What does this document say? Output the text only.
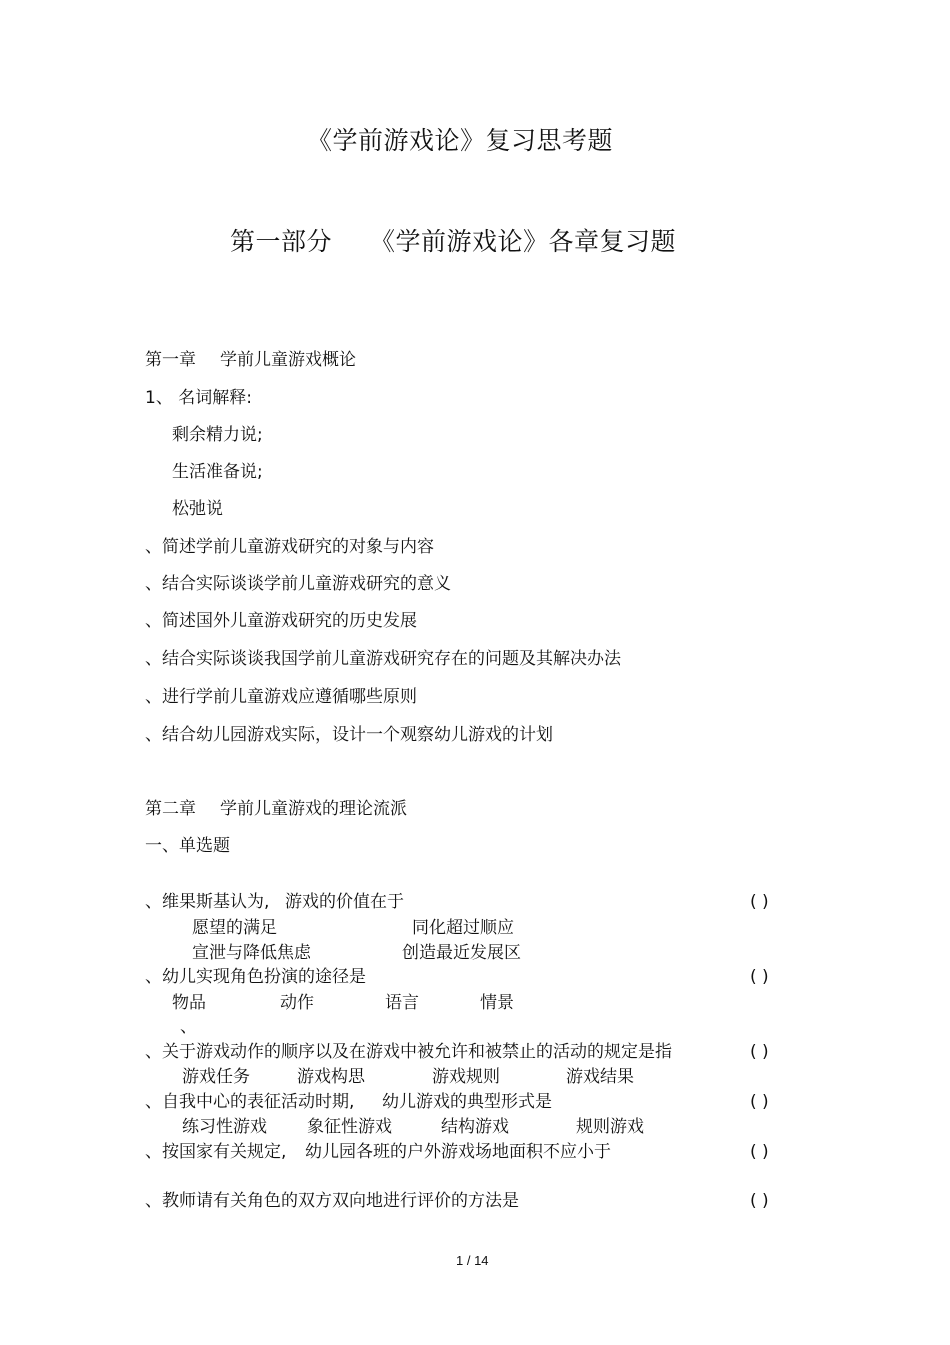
《学前游戏论》复习思考题
第一部分 《学前游戏论》各章复习题
第一章 学前儿童游戏概论
1、 名词解释:
剩余精力说;
生活准备说;
松弛说
、简述学前儿童游戏研究的对象与内容
、结合实际谈谈学前儿童游戏研究的意义
、简述国外儿童游戏研究的历史发展
、结合实际谈谈我国学前儿童游戏研究存在的问题及其解决办法
、进行学前儿童游戏应遵循哪些原则
、结合幼儿园游戏实际，设计一个观察幼儿游戏的计划
第二章 学前儿童游戏的理论流派
一、单选题
、维果斯基认为, 游戏的价值在于	( )
愿望的满足	同化超过顺应
宣泄与降低焦虑	创造最近发展区
、幼儿实现角色扮演的途径是	( )
物品	动作	语言	情景
、
、关于游戏动作的顺序以及在游戏中被允许和被禁止的活动的规定是指	( )
游戏任务	游戏构思	游戏规则	游戏结果
、自我中心的表征活动时期, 幼儿游戏的典型形式是	( )
练习性游戏 象征性游戏	结构游戏	规则游戏
、按国家有关规定, 幼儿园各班的户外游戏场地面积不应小于	( )
、教师请有关角色的双方双向地进行评价的方法是	( )
1 / 14
